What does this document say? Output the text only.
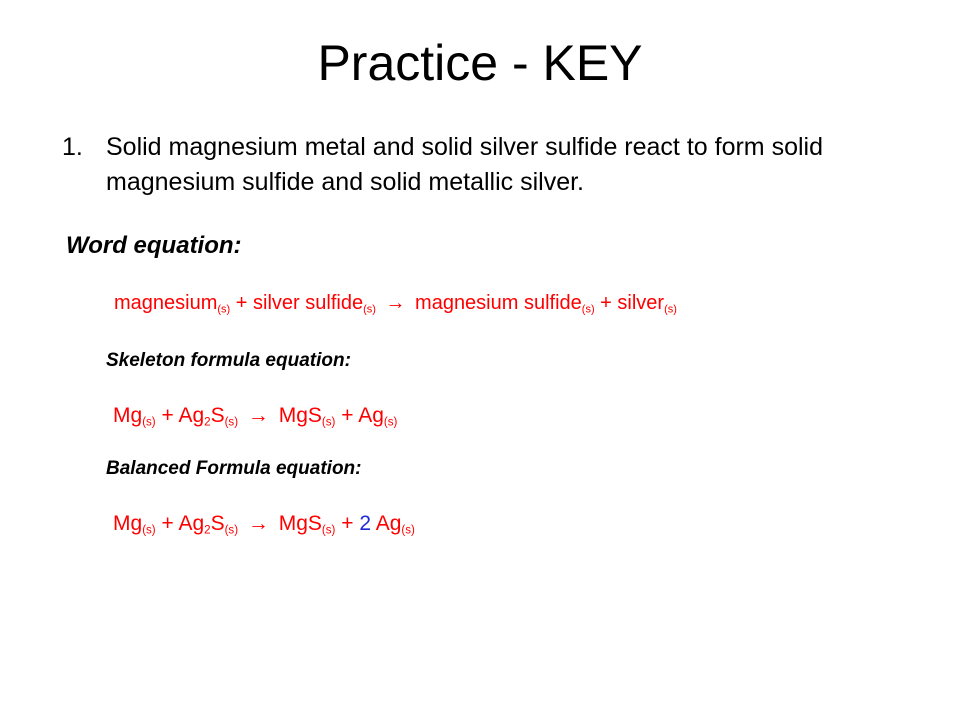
Practice - KEY
1. Solid magnesium metal and solid silver sulfide react to form solid magnesium sulfide and solid metallic silver.
Word equation:
magnesium$_{(s)}$ + silver sulfide$_{(s)}$ → magnesium sulfide$_{(s)}$ + silver$_{(s)}$
Skeleton formula equation:
$Mg_{(s)} + Ag_2S_{(s)} \to MgS_{(s)} + Ag_{(s)}$
Balanced Formula equation:
$Mg_{(s)} + Ag_2S_{(s)} \to MgS_{(s)} + 2$ $Ag_{(s)}$
